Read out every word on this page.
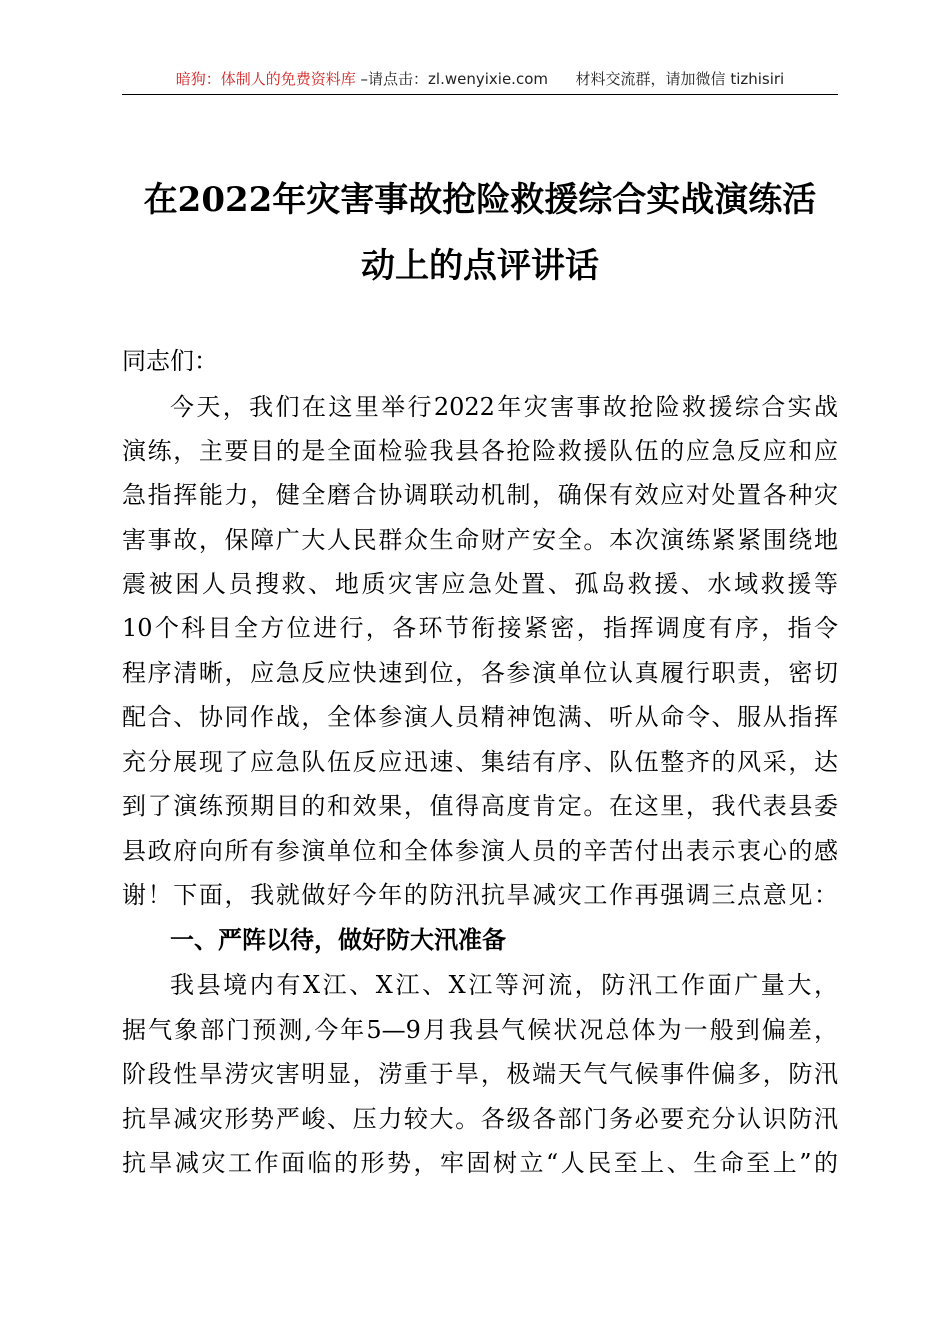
暗狗：体制人的免费资料库 –请点击：zl.wenyixie.com 材料交流群，请加微信 tizhisiri
在2022年灾害事故抢险救援综合实战演练活
动上的点评讲话
同志们：
今天，我们在这里举行2022年灾害事故抢险救援综合实战
演练，主要目的是全面检验我县各抢险救援队伍的应急反应和应
急指挥能力，健全磨合协调联动机制，确保有效应对处置各种灾
害事故，保障广大人民群众生命财产安全。本次演练紧紧围绕地
震被困人员搜救、地质灾害应急处置、孤岛救援、水域救援等
10个科目全方位进行，各环节衔接紧密，指挥调度有序，指令
程序清晰，应急反应快速到位，各参演单位认真履行职责，密切
配合、协同作战，全体参演人员精神饱满、听从命令、服从指挥
充分展现了应急队伍反应迅速、集结有序、队伍整齐的风采，达
到了演练预期目的和效果，值得高度肯定。在这里，我代表县委
县政府向所有参演单位和全体参演人员的辛苦付出表示衷心的感
谢！下面，我就做好今年的防汛抗旱减灾工作再强调三点意见：
一、严阵以待，做好防大汛准备
我县境内有X江、X江、X江等河流，防汛工作面广量大，
据气象部门预测,今年5—9月我县气候状况总体为一般到偏差，
阶段性旱涝灾害明显，涝重于旱，极端天气气候事件偏多，防汛
抗旱减灾形势严峻、压力较大。各级各部门务必要充分认识防汛
抗旱减灾工作面临的形势，牢固树立“人民至上、生命至上”的
